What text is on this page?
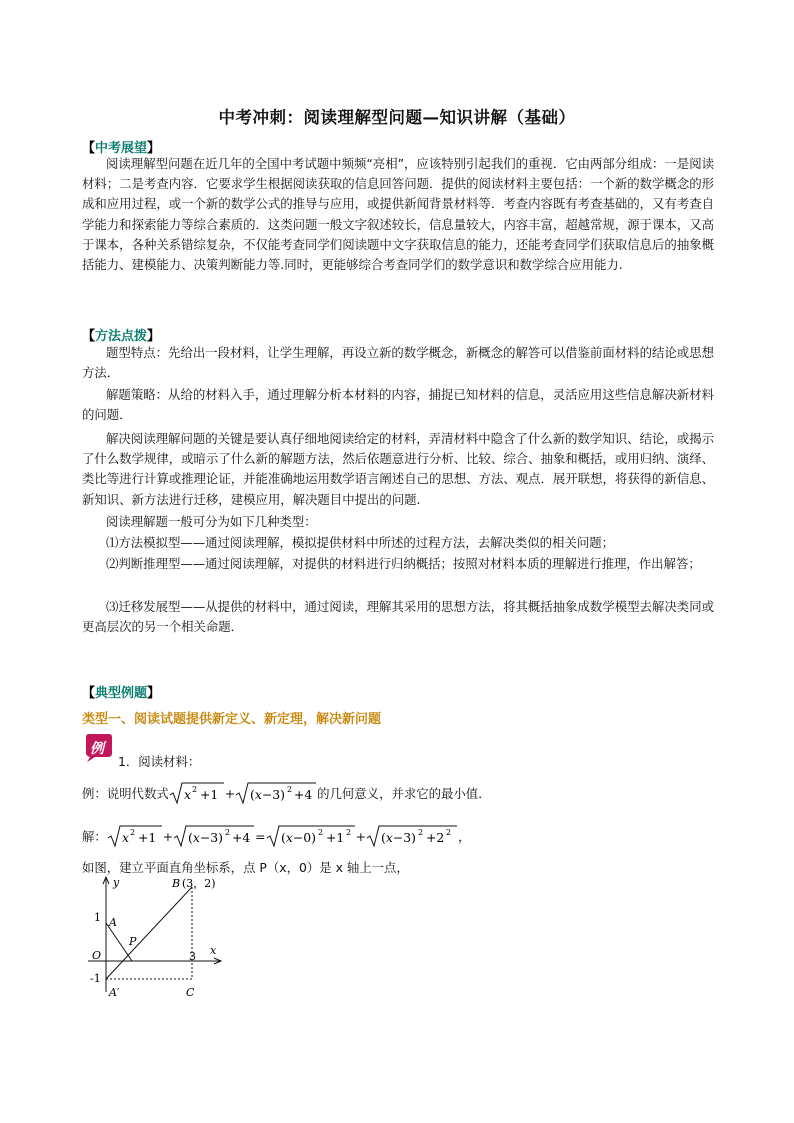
中考冲刺：阅读理解型问题—知识讲解（基础）
【中考展望】
阅读理解型问题在近几年的全国中考试题中频频“亮相”，应该特别引起我们的重视．它由两部分组成：一是阅读材料；二是考查内容．它要求学生根据阅读获取的信息回答问题．提供的阅读材料主要包括：一个新的数学概念的形成和应用过程，或一个新的数学公式的推导与应用，或提供新闻背景材料等．考查内容既有考查基础的，又有考查自学能力和探索能力等综合素质的．这类问题一般文字叙述较长，信息量较大，内容丰富，超越常规，源于课本，又高于课本，各种关系错综复杂，不仅能考查同学们阅读题中文字获取信息的能力，还能考查同学们获取信息后的抽象概括能力、建模能力、决策判断能力等.同时，更能够综合考查同学们的数学意识和数学综合应用能力.
【方法点拨】
题型特点：先给出一段材料，让学生理解，再设立新的数学概念，新概念的解答可以借鉴前面材料的结论或思想方法．
解题策略：从给的材料入手，通过理解分析本材料的内容，捕捉已知材料的信息，灵活应用这些信息解决新材料的问题．
解决阅读理解问题的关键是要认真仔细地阅读给定的材料，弄清材料中隐含了什么新的数学知识、结论，或揭示了什么数学规律，或暗示了什么新的解题方法，然后依题意进行分析、比较、综合、抽象和概括，或用归纳、演绎、类比等进行计算或推理论证，并能准确地运用数学语言阐述自己的思想、方法、观点．展开联想，将获得的新信息、新知识、新方法进行迁移，建模应用，解决题目中提出的问题.
阅读理解题一般可分为如下几种类型：
⑴方法模拟型——通过阅读理解，模拟提供材料中所述的过程方法，去解决类似的相关问题；
⑵判断推理型——通过阅读理解，对提供的材料进行归纳概括；按照对材料本质的理解进行推理，作出解答；
⑶迁移发展型——从提供的材料中，通过阅读，理解其采用的思想方法，将其概括抽象成数学模型去解决类同或更高层次的另一个相关命题．
【典型例题】
类型一、阅读试题提供新定义、新定理，解决新问题
例
1．阅读材料：
例：说明代数式 x 2 +1 + (x−3) 2 +4 的几何意义，并求它的最小值．
解： x 2 +1 + (x−3) 2 +4 = (x−0) 2 +1 2 + (x−3) 2 +2 2 ，
如图，建立平面直角坐标系，点 P（x，0）是 x 轴上一点，
y
x
O
1
-1
3
A
A′
B (3，2)
P
C
